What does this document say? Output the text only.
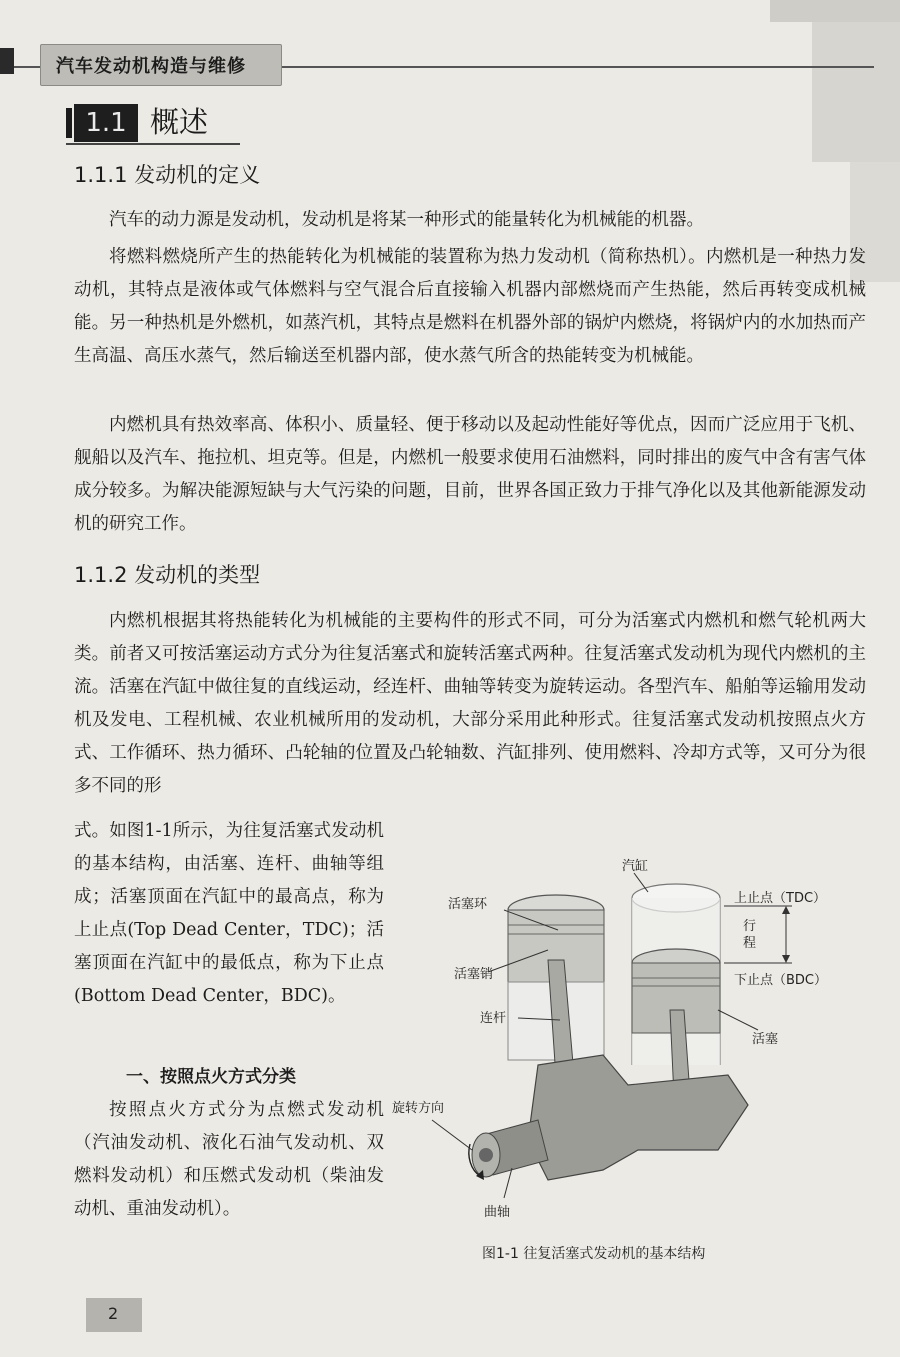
汽车发动机构造与维修
1.1 概述
1.1.1 发动机的定义

汽车的动力源是发动机，发动机是将某一种形式的能量转化为机械能的机器。

将燃料燃烧所产生的热能转化为机械能的装置称为热力发动机（简称热机）。内燃机是一种热力发动机，其特点是液体或气体燃料与空气混合后直接输入机器内部燃烧而产生热能，然后再转变成机械能。另一种热机是外燃机，如蒸汽机，其特点是燃料在机器外部的锅炉内燃烧，将锅炉内的水加热而产生高温、高压水蒸气，然后输送至机器内部，使水蒸气所含的热能转变为机械能。

内燃机具有热效率高、体积小、质量轻、便于移动以及起动性能好等优点，因而广泛应用于飞机、舰船以及汽车、拖拉机、坦克等。但是，内燃机一般要求使用石油燃料，同时排出的废气中含有害气体成分较多。为解决能源短缺与大气污染的问题，目前，世界各国正致力于排气净化以及其他新能源发动机的研究工作。

1.1.2 发动机的类型

内燃机根据其将热能转化为机械能的主要构件的形式不同，可分为活塞式内燃机和燃气轮机两大类。前者又可按活塞运动方式分为往复活塞式和旋转活塞式两种。往复活塞式发动机为现代内燃机的主流。活塞在汽缸中做往复的直线运动，经连杆、曲轴等转变为旋转运动。各型汽车、船舶等运输用发动机及发电、工程机械、农业机械所用的发动机，大部分采用此种形式。往复活塞式发动机按照点火方式、工作循环、热力循环、凸轮轴的位置及凸轮轴数、汽缸排列、使用燃料、冷却方式等，又可分为很多不同的形

式。如图1-1所示，为往复活塞式发动机的基本结构，由活塞、连杆、曲轴等组成；活塞顶面在汽缸中的最高点，称为上止点(Top Dead Center，TDC)；活塞顶面在汽缸中的最低点，称为下止点(Bottom Dead Center，BDC)。

一、按照点火方式分类

按照点火方式分为点燃式发动机（汽油发动机、液化石油气发动机、双燃料发动机）和压燃式发动机（柴油发动机、重油发动机）。

汽缸
活塞环	上止点（TDC）
行
程
活塞销	下止点（BDC）
连杆
活塞
旋转方向
曲轴
图1-1 往复活塞式发动机的基本结构
2
